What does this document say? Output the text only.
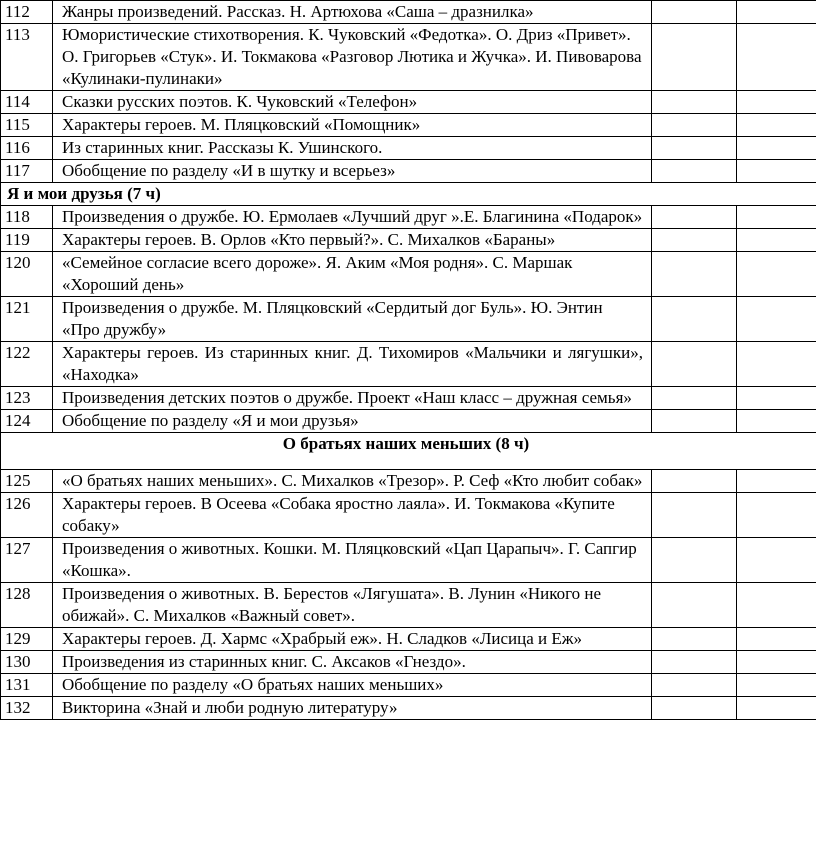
112	Жанры произведений. Рассказ. Н. Артюхова «Саша – дразнилка»		
113	Юмористические стихотворения. К. Чуковский «Федотка». О. Дриз «Привет». О. Григорьев «Стук». И. Токмакова «Разговор Лютика и Жучка». И. Пивоварова «Кулинаки-пулинаки»		
114	Сказки русских поэтов. К. Чуковский «Телефон»		
115	Характеры героев. М. Пляцковский «Помощник»		
116	Из старинных книг. Рассказы К. Ушинского.		
117	Обобщение по разделу «И в шутку и всерьез»		
Я и мои друзья (7 ч)			
118	Произведения о дружбе. Ю. Ермолаев «Лучший друг ».Е. Благинина «Подарок»		
119	Характеры героев. В. Орлов «Кто первый?». С. Михалков «Бараны»		
120	«Семейное согласие всего дороже». Я. Аким «Моя родня». С. Маршак «Хороший день»		
121	Произведения о дружбе. М. Пляцковский «Сердитый дог Буль». Ю. Энтин «Про дружбу»		
122	Характеры героев. Из старинных книг. Д. Тихомиров «Мальчики и лягушки», «Находка»		
123	Произведения детских поэтов о дружбе. Проект «Наш класс – дружная семья»		
124	Обобщение по разделу «Я и мои друзья»		
О братьях наших меньших (8 ч)			
125	«О братьях наших меньших». С. Михалков «Трезор». Р. Сеф «Кто любит собак»		
126	Характеры героев. В Осеева «Собака яростно лаяла». И. Токмакова «Купите собаку»		
127	Произведения о животных. Кошки. М. Пляцковский «Цап Царапыч». Г. Сапгир «Кошка».		
128	Произведения о животных. В. Берестов «Лягушата». В. Лунин «Никого не обижай». С. Михалков «Важный совет».		
129	Характеры героев. Д. Хармс «Храбрый еж». Н. Сладков «Лисица и Еж»		
130	Произведения из старинных книг. С. Аксаков «Гнездо».		
131	Обобщение по разделу «О братьях наших меньших»		
132	Викторина «Знай и люби родную литературу»		
